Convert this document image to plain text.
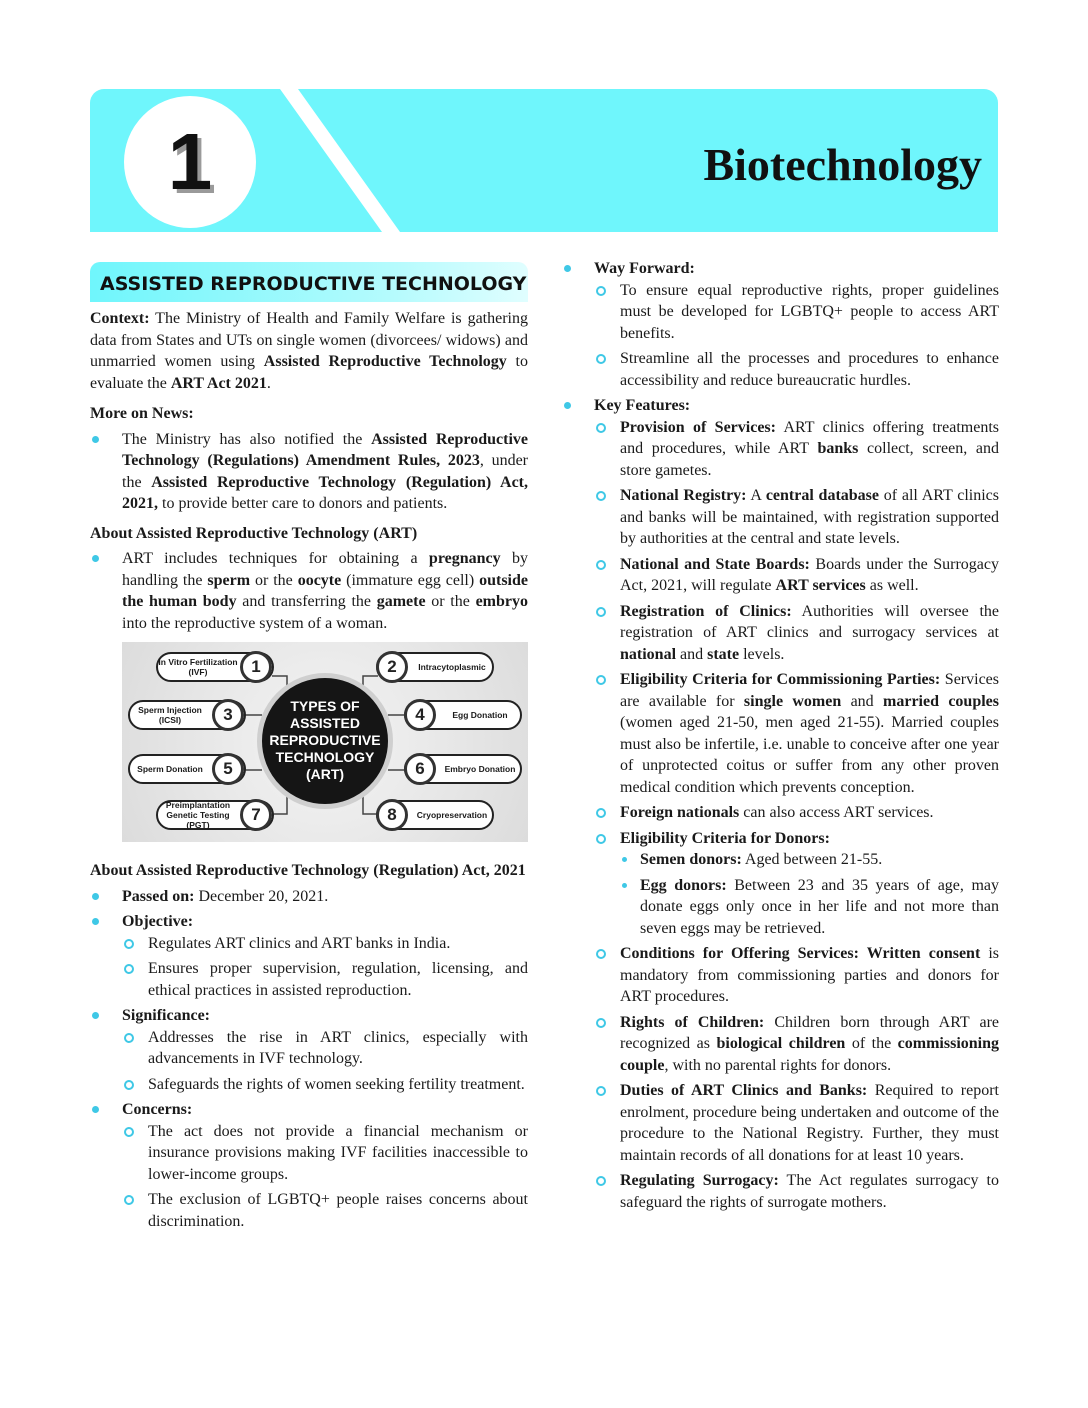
1	Biotechnology
ASSISTED REPRODUCTIVE TECHNOLOGY

Context: The Ministry of Health and Family Welfare is gathering data from States and UTs on single women (divorcees/ widows) and unmarried women using Assisted Reproductive Technology to evaluate the ART Act 2021.

More on News:
The Ministry has also notified the Assisted Reproductive Technology (Regulations) Amendment Rules, 2023, under the Assisted Reproductive Technology (Regulation) Act, 2021, to provide better care to donors and patients.
About Assisted Reproductive Technology (ART)
ART includes techniques for obtaining a pregnancy by handling the sperm or the oocyte (immature egg cell) outside the human body and transferring the gamete or the embryo into the reproductive system of a woman.
In Vitro Fertilization (IVF)	1	Intracytoplasmic
2
Sperm Injection (ICSI)	3	Egg Donation
4
Sperm Donation	5	Embryo Donation
6
Preimplantation Genetic Testing (PGT)
7	Cryopreservation
8
TYPES OF
ASSISTED
REPRODUCTIVE
TECHNOLOGY
(ART)
About Assisted Reproductive Technology (Regulation) Act, 2021
Passed on: December 20, 2021.
Objective:
Regulates ART clinics and ART banks in India.
Ensures proper supervision, regulation, licensing, and ethical practices in assisted reproduction.
Significance:
Addresses the rise in ART clinics, especially with advancements in IVF technology.
Safeguards the rights of women seeking fertility treatment.
Concerns:
The act does not provide a financial mechanism or insurance provisions making IVF facilities inaccessible to lower-income groups.
The exclusion of LGBTQ+ people raises concerns about discrimination.
Way Forward:
To ensure equal reproductive rights, proper guidelines must be developed for LGBTQ+ people to access ART benefits.
Streamline all the processes and procedures to enhance accessibility and reduce bureaucratic hurdles.
Key Features:
Provision of Services: ART clinics offering treatments and procedures, while ART banks collect, screen, and store gametes.
National Registry: A central database of all ART clinics and banks will be maintained, with registration supported by authorities at the central and state levels.
National and State Boards: Boards under the Surrogacy Act, 2021, will regulate ART services as well.
Registration of Clinics: Authorities will oversee the registration of ART clinics and surrogacy services at national and state levels.
Eligibility Criteria for Commissioning Parties: Services are available for single women and married couples (women aged 21-50, men aged 21-55). Married couples must also be infertile, i.e. unable to conceive after one year of unprotected coitus or suffer from any other proven medical condition which prevents conception.
Foreign nationals can also access ART services.
Eligibility Criteria for Donors:
Semen donors: Aged between 21-55.
Egg donors: Between 23 and 35 years of age, may donate eggs only once in her life and not more than seven eggs may be retrieved.
Conditions for Offering Services: Written consent is mandatory from commissioning parties and donors for ART procedures.
Rights of Children: Children born through ART are recognized as biological children of the commissioning couple, with no parental rights for donors.
Duties of ART Clinics and Banks: Required to report enrolment, procedure being undertaken and outcome of the procedure to the National Registry. Further, they must maintain records of all donations for at least 10 years.
Regulating Surrogacy: The Act regulates surrogacy to safeguard the rights of surrogate mothers.
